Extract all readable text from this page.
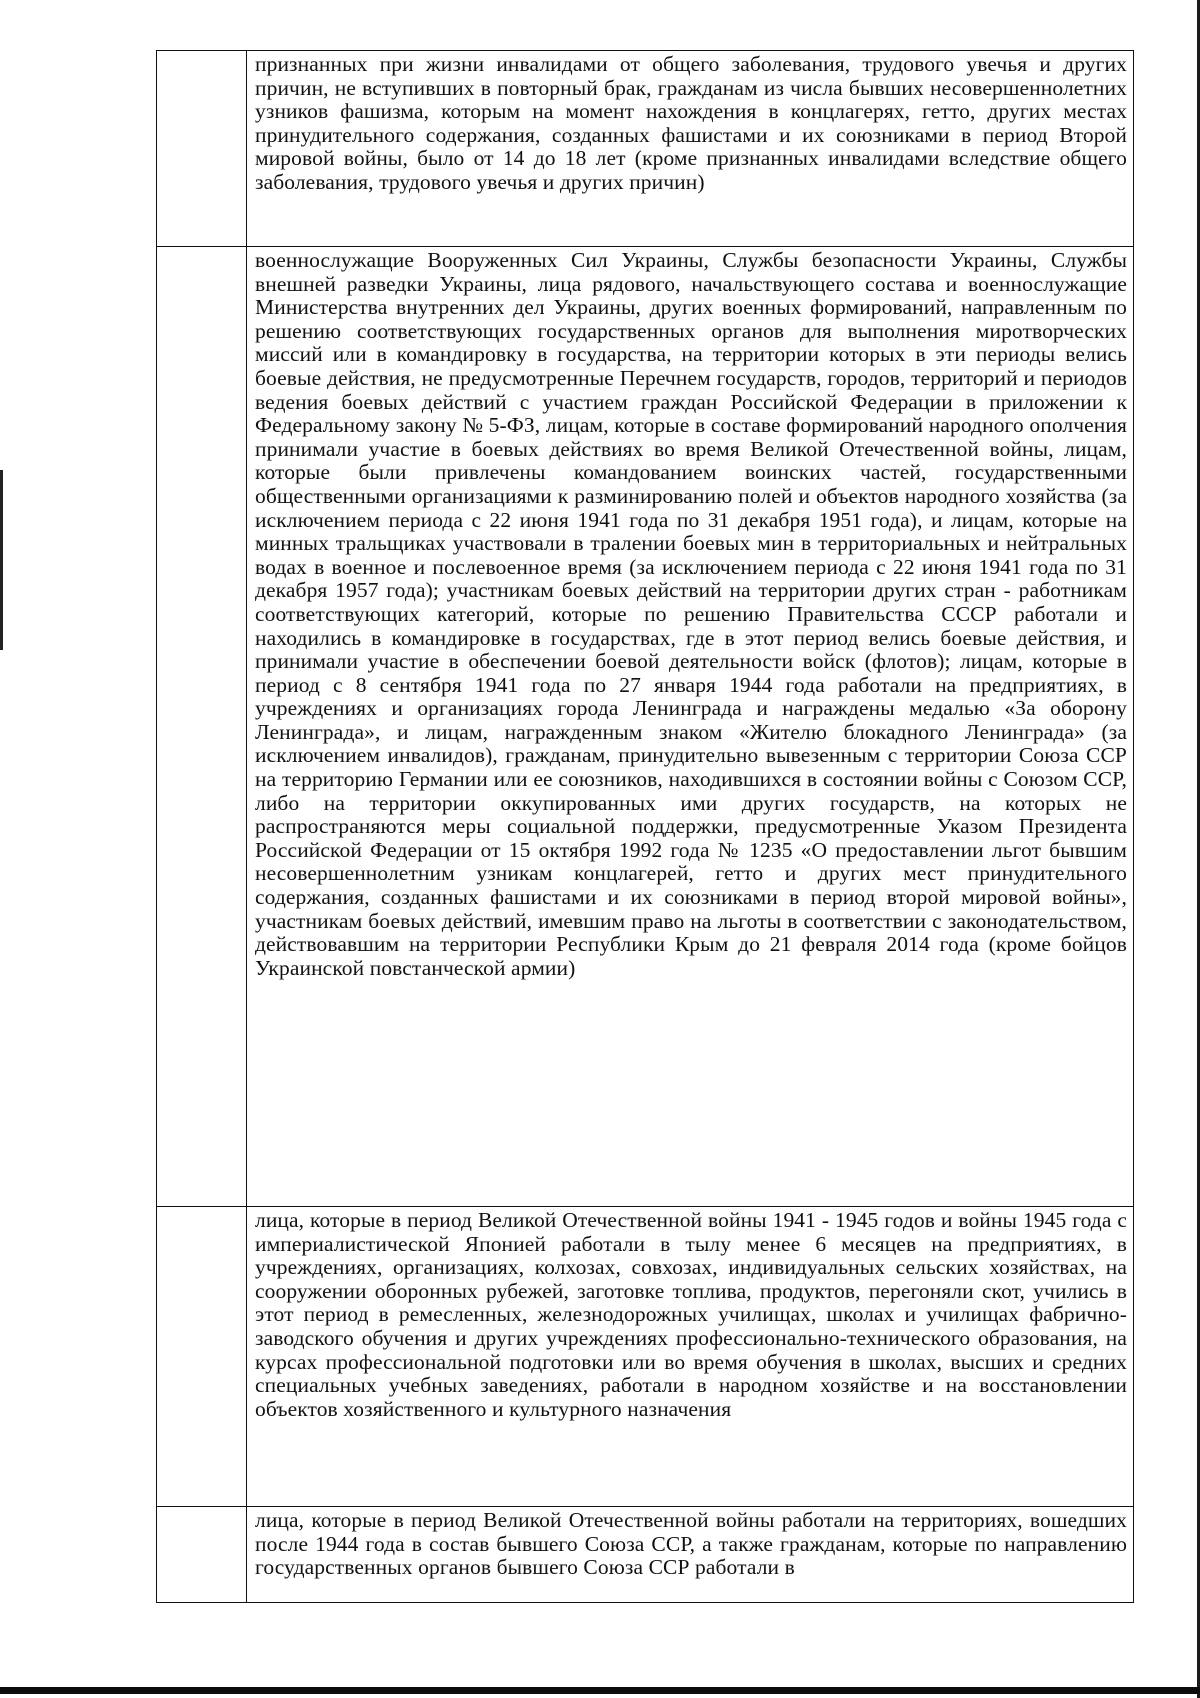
	признанных при жизни инвалидами от общего заболевания, трудового увечья и других причин, не вступивших в повторный брак, гражданам из числа бывших несовершеннолетних узников фашизма, которым на момент нахождения в концлагерях, гетто, других местах принудительного содержания, созданных фашистами и их союзниками в период Второй мировой войны, было от 14 до 18 лет (кроме признанных инвалидами вследствие общего заболевания, трудового увечья и других причин)

	военнослужащие Вооруженных Сил Украины, Службы безопасности Украины, Службы внешней разведки Украины, лица рядового, начальствующего состава и военнослужащие Министерства внутренних дел Украины, других военных формирований, направленным по решению соответствующих государственных органов для выполнения миротворческих миссий или в командировку в государства, на территории которых в эти периоды велись боевые действия, не предусмотренные Перечнем государств, городов, территорий и периодов ведения боевых действий с участием граждан Российской Федерации в приложении к Федеральному закону № 5-ФЗ, лицам, которые в составе формирований народного ополчения принимали участие в боевых действиях во время Великой Отечественной войны, лицам, которые были привлечены командованием воинских частей, государственными общественными организациями к разминированию полей и объектов народного хозяйства (за исключением периода с 22 июня 1941 года по 31 декабря 1951 года), и лицам, которые на минных тральщиках участвовали в тралении боевых мин в территориальных и нейтральных водах в военное и послевоенное время (за исключением периода с 22 июня 1941 года по 31 декабря 1957 года); участникам боевых действий на территории других стран - работникам соответствующих категорий, которые по решению Правительства СССР работали и находились в командировке в государствах, где в этот период велись боевые действия, и принимали участие в обеспечении боевой деятельности войск (флотов); лицам, которые в период с 8 сентября 1941 года по 27 января 1944 года работали на предприятиях, в учреждениях и организациях города Ленинграда и награждены медалью «За оборону Ленинграда», и лицам, награжденным знаком «Жителю блокадного Ленинграда» (за исключением инвалидов), гражданам, принудительно вывезенным с территории Союза ССР на территорию Германии или ее союзников, находившихся в состоянии войны с Союзом ССР, либо на территории оккупированных ими других государств, на которых не распространяются меры социальной поддержки, предусмотренные Указом Президента Российской Федерации от 15 октября 1992 года № 1235 «О предоставлении льгот бывшим несовершеннолетним узникам концлагерей, гетто и других мест принудительного содержания, созданных фашистами и их союзниками в период второй мировой войны», участникам боевых действий, имевшим право на льготы в соответствии с законодательством, действовавшим на территории Республики Крым до 21 февраля 2014 года (кроме бойцов Украинской повстанческой армии)

	лица, которые в период Великой Отечественной войны 1941 - 1945 годов и войны 1945 года с империалистической Японией работали в тылу менее 6 месяцев на предприятиях, в учреждениях, организациях, колхозах, совхозах, индивидуальных сельских хозяйствах, на сооружении оборонных рубежей, заготовке топлива, продуктов, перегоняли скот, учились в этот период в ремесленных, железнодорожных училищах, школах и училищах фабрично-заводского обучения и других учреждениях профессионально-технического образования, на курсах профессиональной подготовки или во время обучения в школах, высших и средних специальных учебных заведениях, работали в народном хозяйстве и на восстановлении объектов хозяйственного и культурного назначения

	лица, которые в период Великой Отечественной войны работали на территориях, вошедших после 1944 года в состав бывшего Союза ССР, а также гражданам, которые по направлению государственных органов бывшего Союза ССР работали в
